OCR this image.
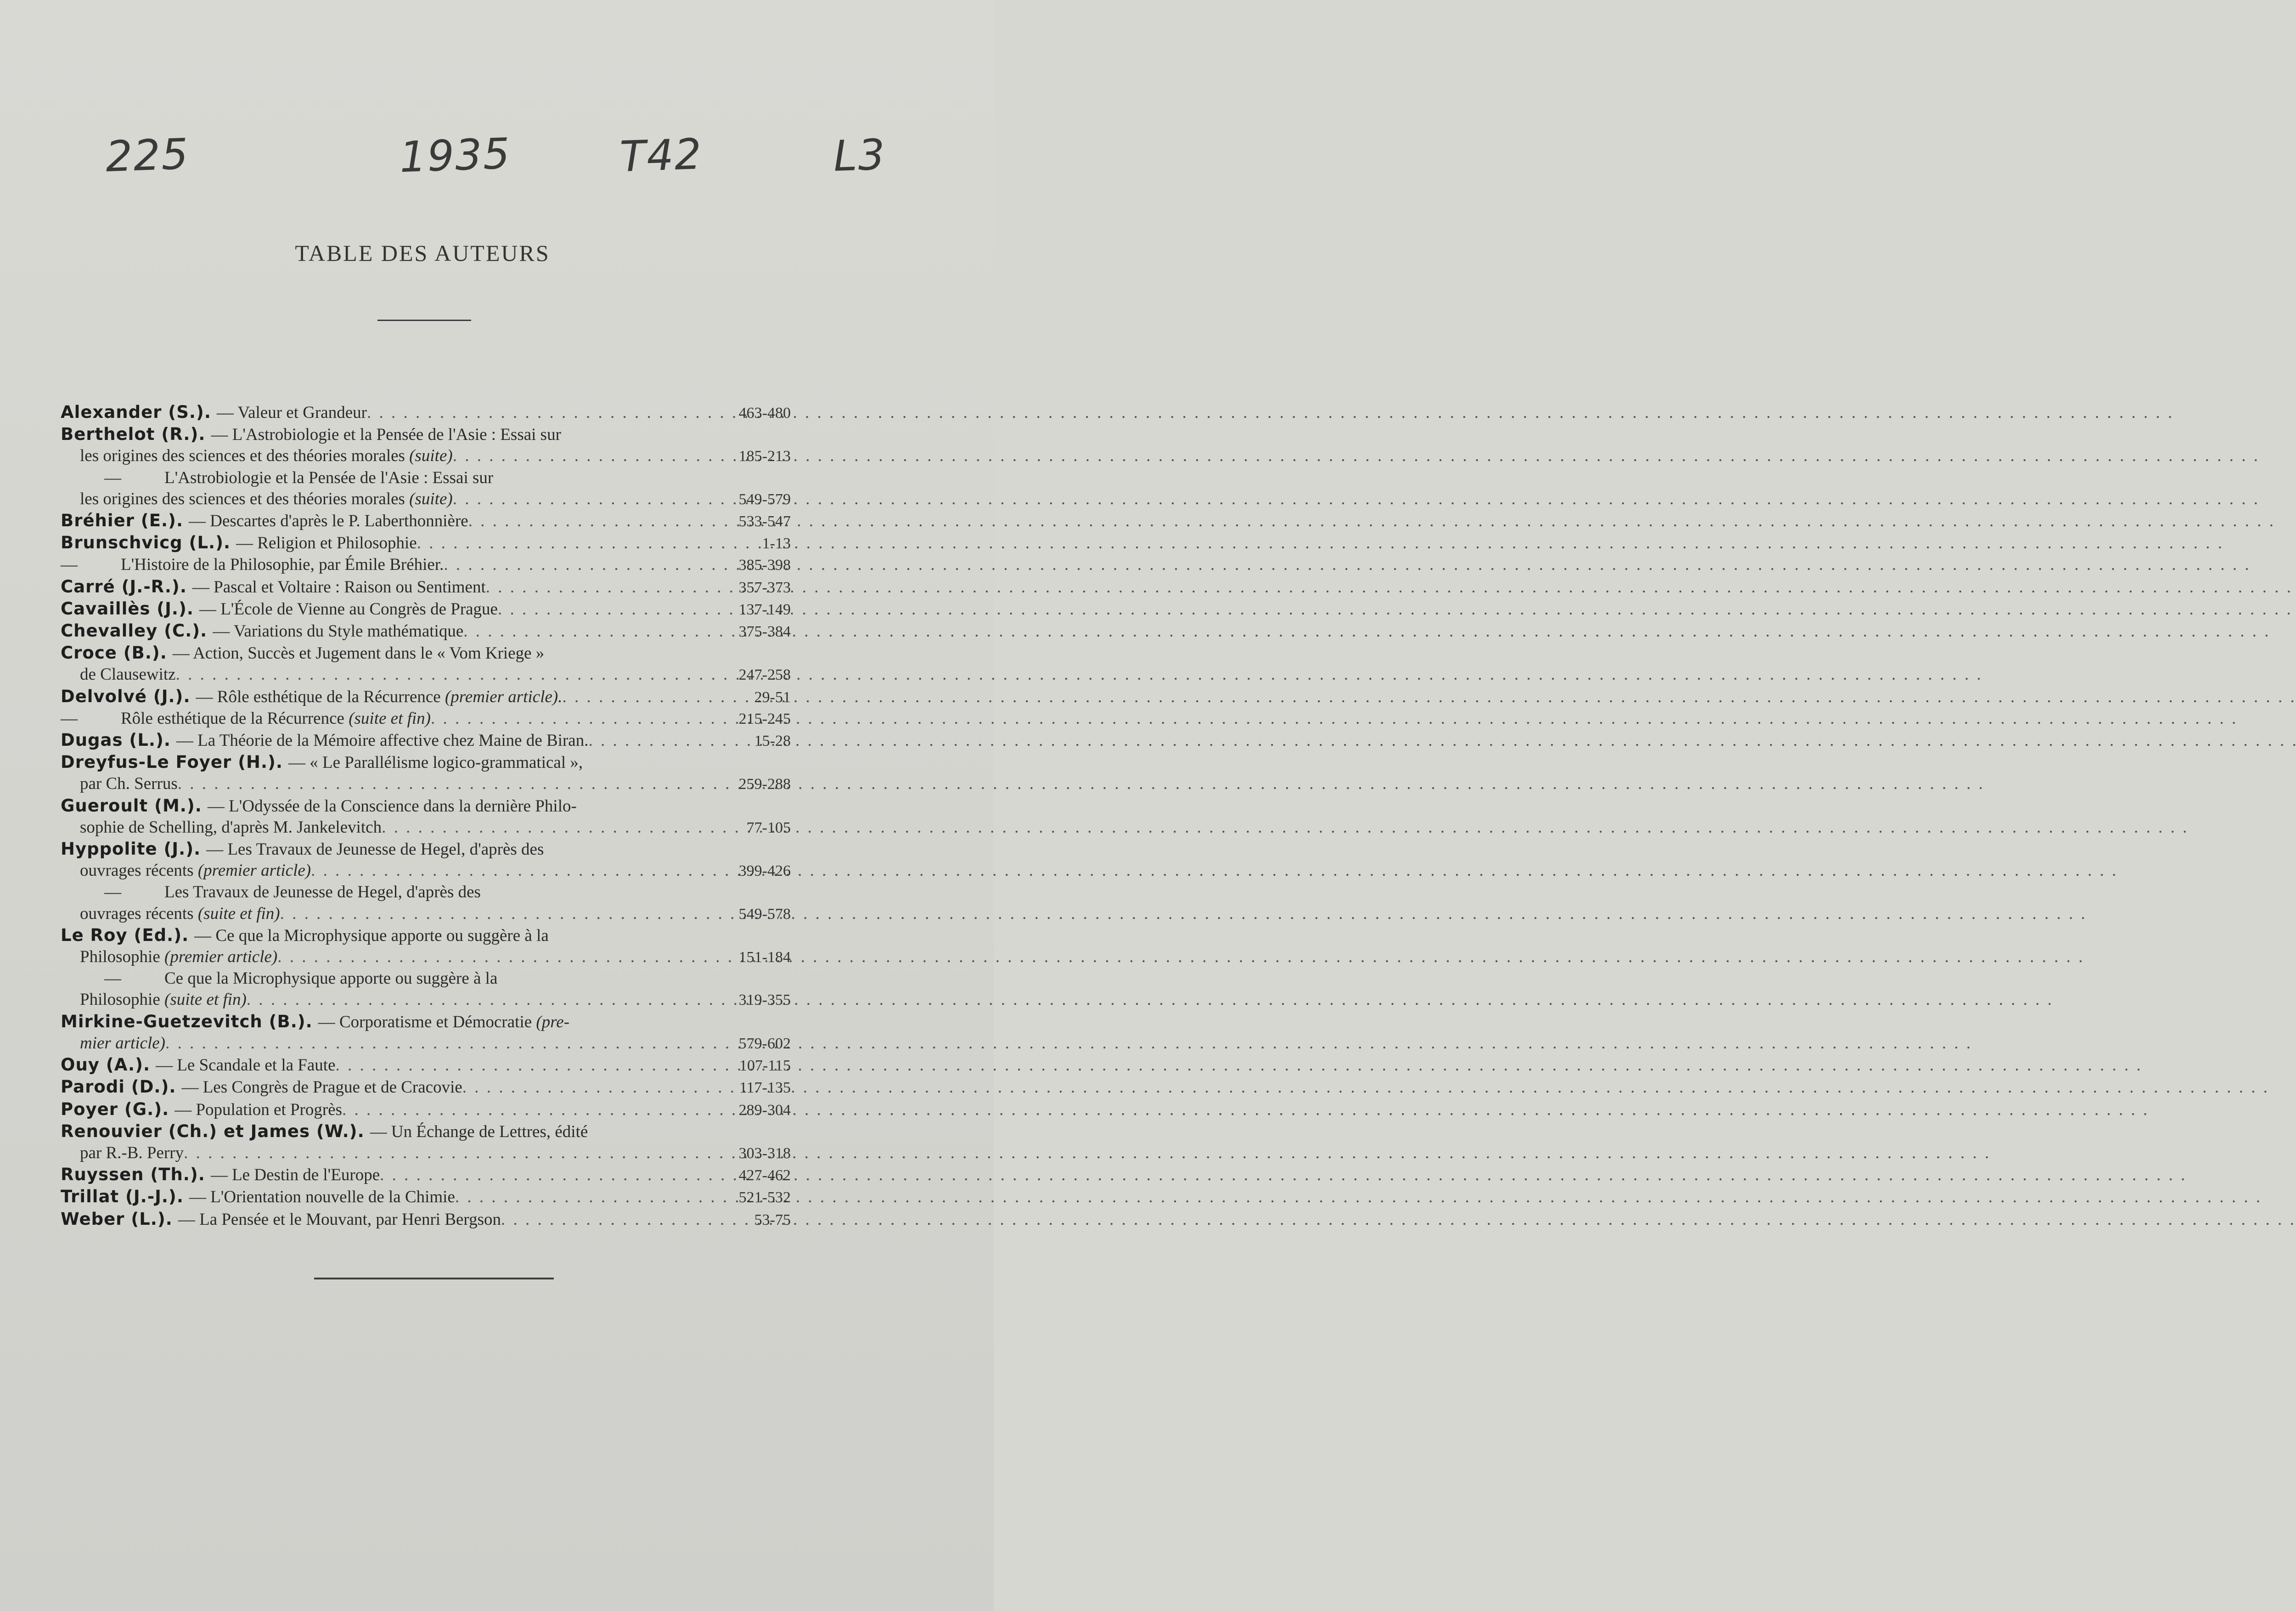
225	1935	T42	L3
TABLE DES AUTEURS
Alexander (S.). — Valeur et Grandeur . . .	463-480
Berthelot (R.). — L'Astrobiologie et la Pensée de l'Asie : Essai sur
les origines des sciences et des théories morales (suite) . . .	185-213
—	L'Astrobiologie et la Pensée de l'Asie : Essai sur
les origines des sciences et des théories morales (suite) . . .	549-579
Bréhier (E.). — Descartes d'après le P. Laberthonnière . . .	533-547
Brunschvicg (L.). — Religion et Philosophie . . .	1-13
—	L'Histoire de la Philosophie, par Émile Bréhier. . . .	385-398
Carré (J.-R.). — Pascal et Voltaire : Raison ou Sentiment . . .	357-373
Cavaillès (J.). — L'École de Vienne au Congrès de Prague . . .	137-149
Chevalley (C.). — Variations du Style mathématique . . .	375-384
Croce (B.). — Action, Succès et Jugement dans le « Vom Kriege »
de Clausewitz . . .	247-258
Delvolvé (J.). — Rôle esthétique de la Récurrence (premier article). . . .	29-51
—	Rôle esthétique de la Récurrence (suite et fin) . . .	215-245
Dugas (L.). — La Théorie de la Mémoire affective chez Maine de Biran. . . .	15-28
Dreyfus-Le Foyer (H.). — « Le Parallélisme logico-grammatical »,
par Ch. Serrus . . .	259-288
Gueroult (M.). — L'Odyssée de la Conscience dans la dernière Philo-
sophie de Schelling, d'après M. Jankelevitch . . .	77-105
Hyppolite (J.). — Les Travaux de Jeunesse de Hegel, d'après des
ouvrages récents (premier article) . . .	399-426
—	Les Travaux de Jeunesse de Hegel, d'après des
ouvrages récents (suite et fin) . . .	549-578
Le Roy (Ed.). — Ce que la Microphysique apporte ou suggère à la
Philosophie (premier article) . . .	151-184
—	Ce que la Microphysique apporte ou suggère à la
Philosophie (suite et fin) . . .	319-355
Mirkine-Guetzevitch (B.). — Corporatisme et Démocratie (pre-
mier article) . . .	579-602
Ouy (A.). — Le Scandale et la Faute . . .	107-115
Parodi (D.). — Les Congrès de Prague et de Cracovie . . .	117-135
Poyer (G.). — Population et Progrès . . .	289-304
Renouvier (Ch.) et James (W.). — Un Échange de Lettres, édité
par R.-B. Perry . . .	303-318
Ruyssen (Th.). — Le Destin de l'Europe . . .	427-462
Trillat (J.-J.). — L'Orientation nouvelle de la Chimie . . .	521-532
Weber (L.). — La Pensée et le Mouvant, par Henri Bergson . . .	53-75
